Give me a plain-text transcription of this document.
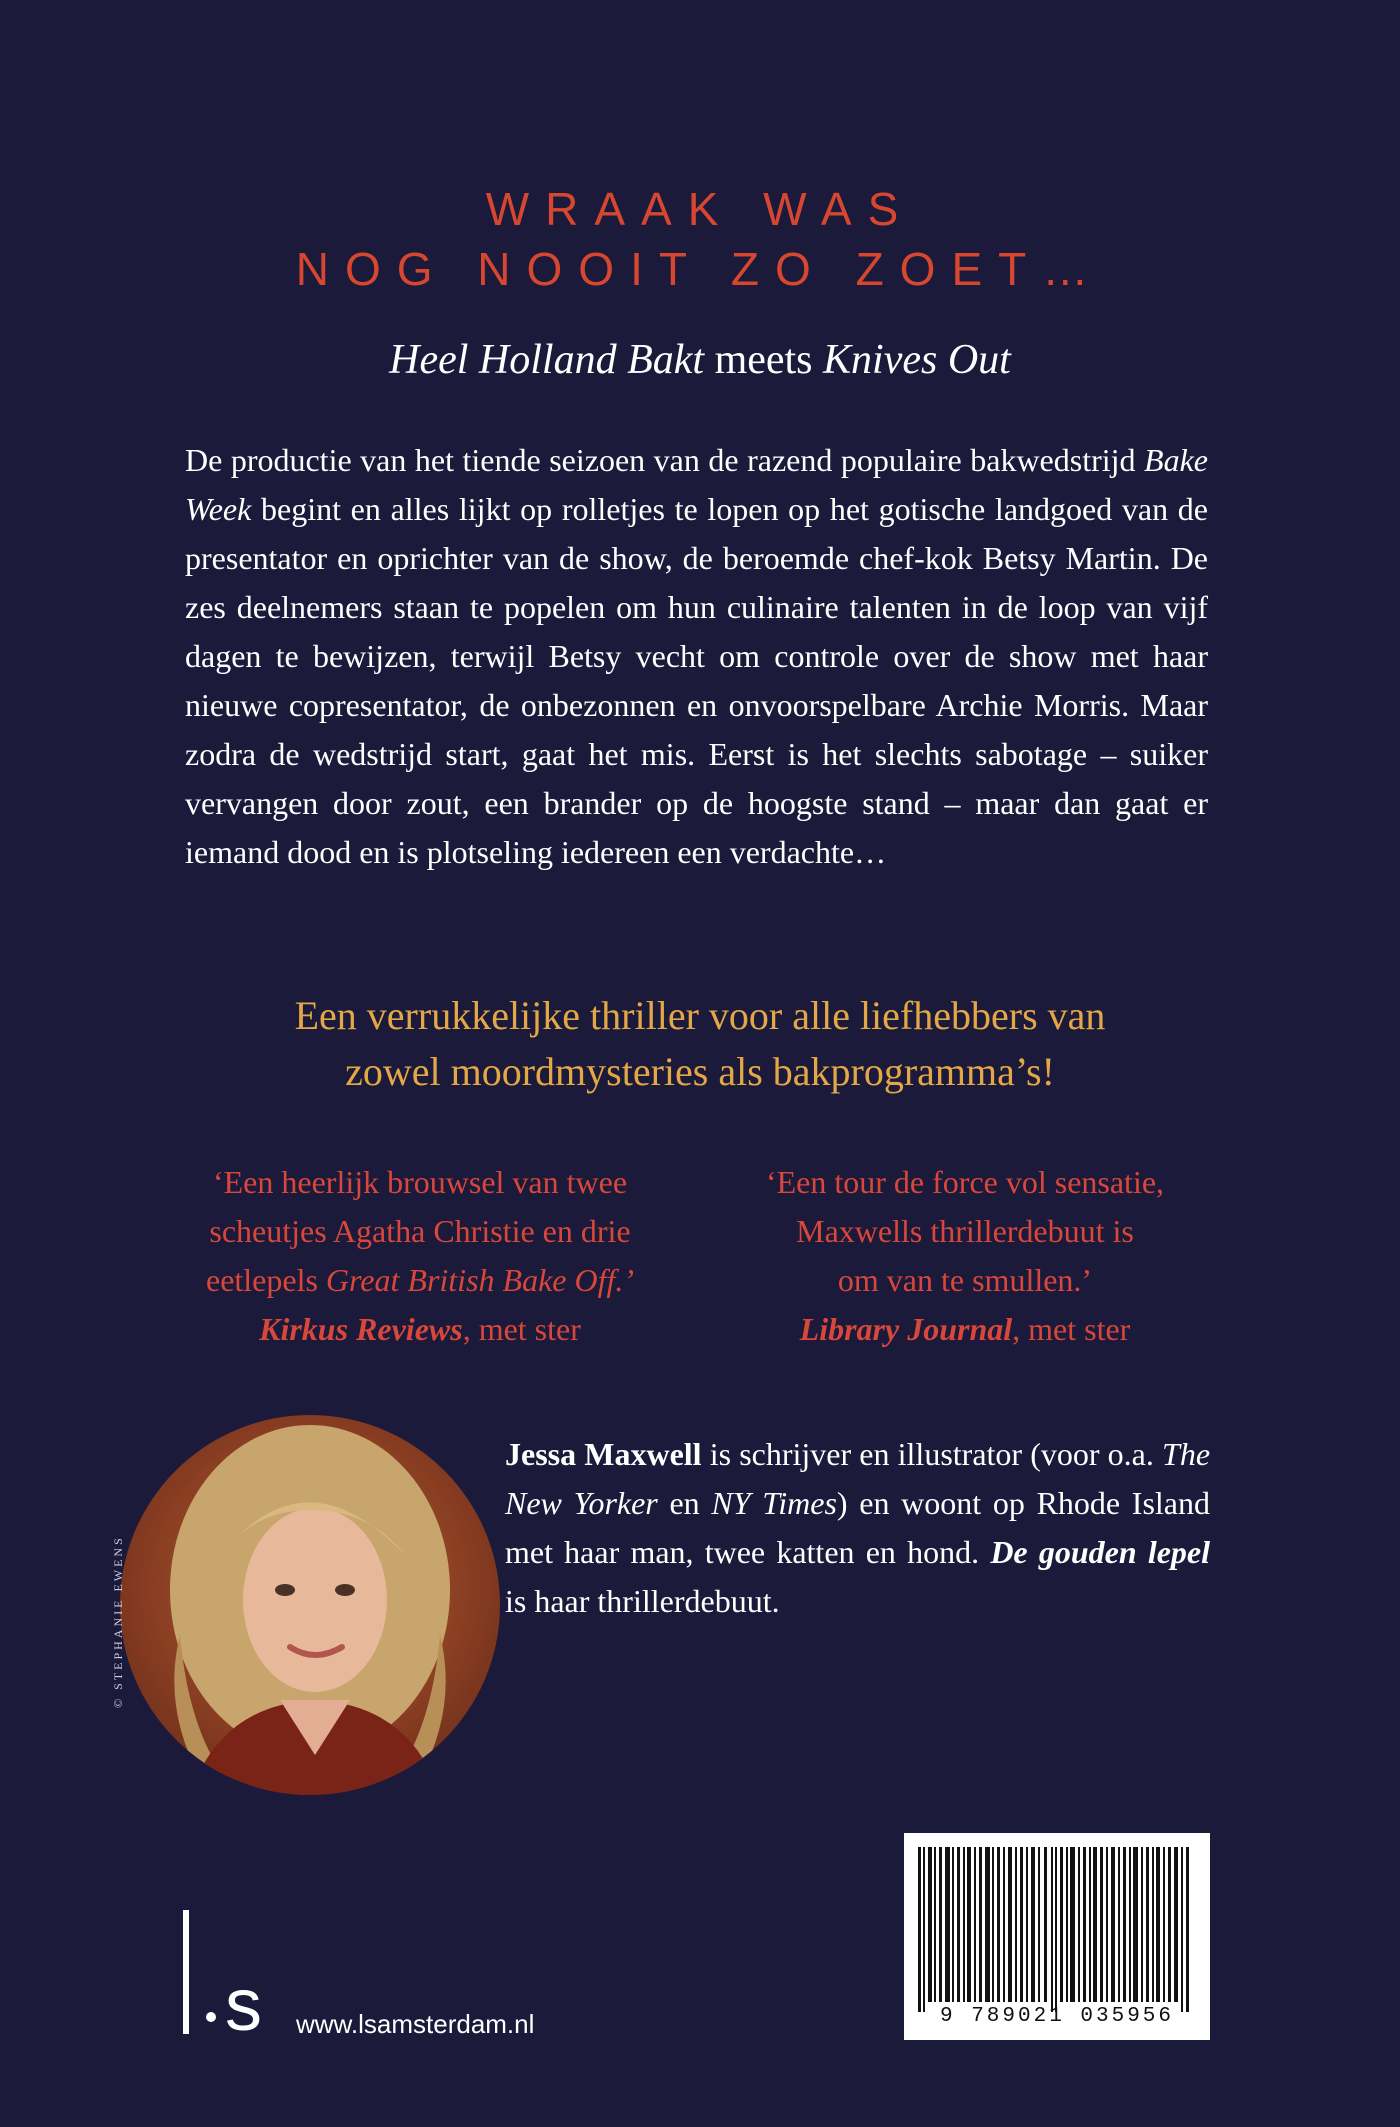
WRAAK WAS
NOG NOOIT ZO ZOET…
Heel Holland Bakt meets Knives Out
De productie van het tiende seizoen van de razend populaire bakwedstrijd Bake Week begint en alles lijkt op rolletjes te lopen op het gotische landgoed van de presentator en oprichter van de show, de beroemde chef-kok Betsy Martin. De zes deelnemers staan te popelen om hun culinaire talenten in de loop van vijf dagen te bewijzen, terwijl Betsy vecht om controle over de show met haar nieuwe copresentator, de onbezonnen en onvoorspelbare Archie Morris. Maar zodra de wedstrijd start, gaat het mis. Eerst is het slechts sabotage – suiker vervangen door zout, een brander op de hoogste stand – maar dan gaat er iemand dood en is plotseling iedereen een verdachte…
Een verrukkelijke thriller voor alle liefhebbers van
zowel moordmysteries als bakprogramma’s!
‘Een heerlijk brouwsel van twee
scheutjes Agatha Christie en drie
eetlepels Great British Bake Off.’
Kirkus Reviews, met ster
‘Een tour de force vol sensatie,
Maxwells thrillerdebuut is
om van te smullen.’
Library Journal, met ster
© STEPHANIE EWENS
Jessa Maxwell is schrijver en illustrator (voor o.a. The New Yorker en NY Times) en woont op Rhode Island met haar man, twee katten en hond. De gouden lepel is haar thrillerdebuut.
s www.lsamsterdam.nl	9 789021 035956
